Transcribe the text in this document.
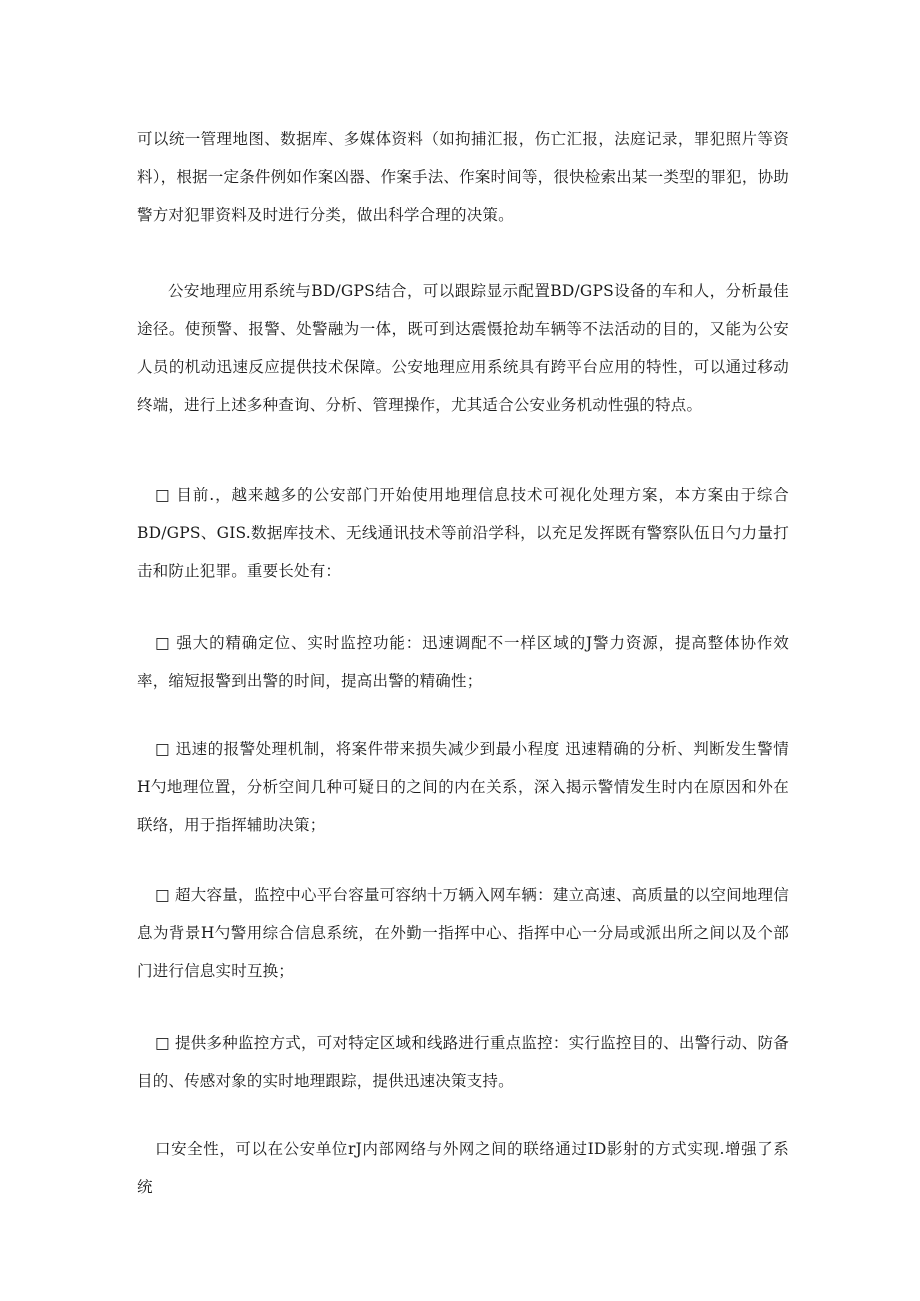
可以统一管理地图、数据库、多媒体资料（如拘捕汇报，伤亡汇报，法庭记录，罪犯照片等资料），根据一定条件例如作案凶器、作案手法、作案时间等，很快检索出某一类型的罪犯，协助警方对犯罪资料及时进行分类，做出科学合理的决策。

公安地理应用系统与BD/GPS结合，可以跟踪显示配置BD/GPS设备的车和人，分析最佳途径。使预警、报警、处警融为一体，既可到达震慑抢劫车辆等不法活动的目的，又能为公安人员的机动迅速反应提供技术保障。公安地理应用系统具有跨平台应用的特性，可以通过移动终端，进行上述多种查询、分析、管理操作，尤其适合公安业务机动性强的特点。

□ 目前.，越来越多的公安部门开始使用地理信息技术可视化处理方案，本方案由于综合BD/GPS、GIS.数据库技术、无线通讯技术等前沿学科，以充足发挥既有警察队伍日勺力量打击和防止犯罪。重要长处有：

□ 强大的精确定位、实时监控功能：迅速调配不一样区域的J警力资源，提高整体协作效率，缩短报警到出警的时间，提高出警的精确性；

□ 迅速的报警处理机制，将案件带来损失减少到最小程度 迅速精确的分析、判断发生警情H勺地理位置，分析空间几种可疑日的之间的内在关系，深入揭示警情发生时内在原因和外在联络，用于指挥辅助决策；

□ 超大容量，监控中心平台容量可容纳十万辆入网车辆：建立高速、高质量的以空间地理信息为背景H勺警用综合信息系统，在外勤一指挥中心、指挥中心一分局或派出所之间以及个部门进行信息实时互换；

□ 提供多种监控方式，可对特定区域和线路进行重点监控：实行监控目的、出警行动、防备目的、传感对象的实时地理跟踪，提供迅速决策支持。

口安全性，可以在公安单位rJ内部网络与外网之间的联络通过ID影射的方式实现.增强了系统
